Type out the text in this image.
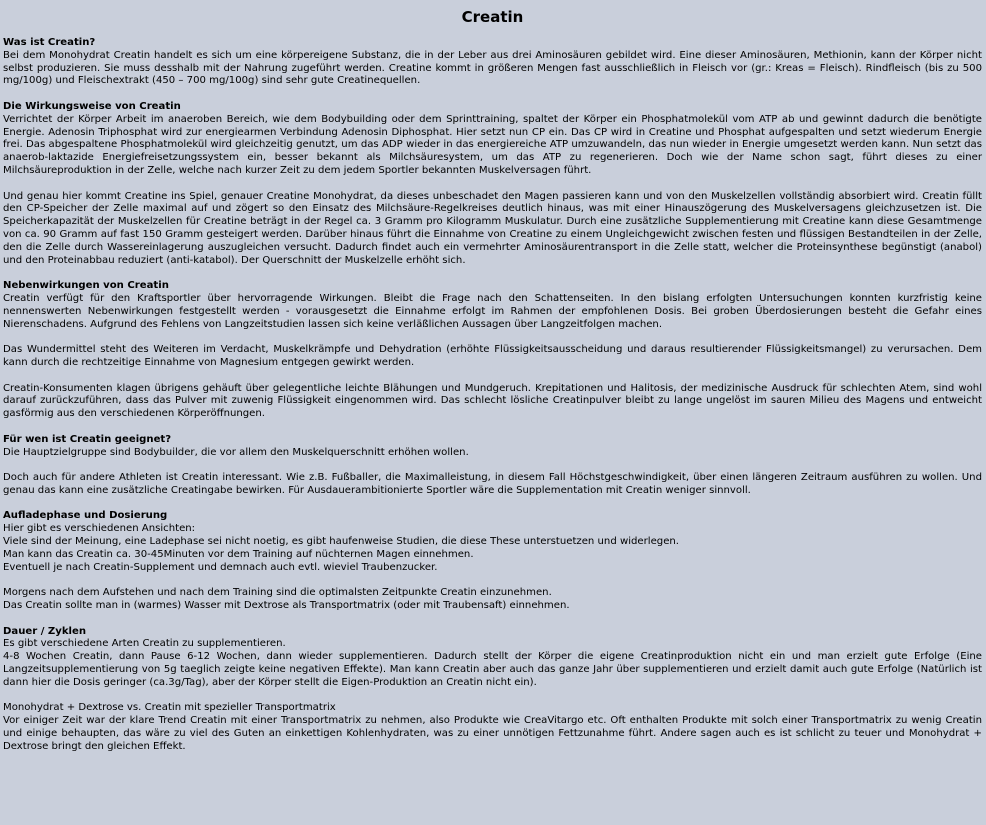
Creatin
Was ist Creatin?
Bei dem Monohydrat Creatin handelt es sich um eine körpereigene Substanz, die in der Leber aus drei Aminosäuren gebildet wird. Eine dieser Aminosäuren, Methionin, kann der Körper nicht selbst produzieren. Sie muss desshalb mit der Nahrung zugeführt werden. Creatine kommt in größeren Mengen fast ausschließlich in Fleisch vor (gr.: Kreas = Fleisch). Rindfleisch (bis zu 500 mg/100g) und Fleischextrakt (450 – 700 mg/100g) sind sehr gute Creatinequellen.
Die Wirkungsweise von Creatin
Verrichtet der Körper Arbeit im anaeroben Bereich, wie dem Bodybuilding oder dem Sprinttraining, spaltet der Körper ein Phosphatmolekül vom ATP ab und gewinnt dadurch die benötigte Energie. Adenosin Triphosphat wird zur energiearmen Verbindung Adenosin Diphosphat. Hier setzt nun CP ein. Das CP wird in Creatine und Phosphat aufgespalten und setzt wiederum Energie frei. Das abgespaltene Phosphatmolekül wird gleichzeitig genutzt, um das ADP wieder in das energiereiche ATP umzuwandeln, das nun wieder in Energie umgesetzt werden kann. Nun setzt das anaerob-laktazide Energiefreisetzungssystem ein, besser bekannt als Milchsäuresystem, um das ATP zu regenerieren. Doch wie der Name schon sagt, führt dieses zu einer Milchsäureproduktion in der Zelle, welche nach kurzer Zeit zu dem jedem Sportler bekannten Muskelversagen führt.
Und genau hier kommt Creatine ins Spiel, genauer Creatine Monohydrat, da dieses unbeschadet den Magen passieren kann und von den Muskelzellen vollständig absorbiert wird. Creatin füllt den CP-Speicher der Zelle maximal auf und zögert so den Einsatz des Milchsäure-Regelkreises deutlich hinaus, was mit einer Hinauszögerung des Muskelversagens gleichzusetzen ist. Die Speicherkapazität der Muskelzellen für Creatine beträgt in der Regel ca. 3 Gramm pro Kilogramm Muskulatur. Durch eine zusätzliche Supplementierung mit Creatine kann diese Gesamtmenge von ca. 90 Gramm auf fast 150 Gramm gesteigert werden. Darüber hinaus führt die Einnahme von Creatine zu einem Ungleichgewicht zwischen festen und flüssigen Bestandteilen in der Zelle, den die Zelle durch Wassereinlagerung auszugleichen versucht. Dadurch findet auch ein vermehrter Aminosäurentransport in die Zelle statt, welcher die Proteinsynthese begünstigt (anabol) und den Proteinabbau reduziert (anti-katabol). Der Querschnitt der Muskelzelle erhöht sich.
Nebenwirkungen von Creatin
Creatin verfügt für den Kraftsportler über hervorragende Wirkungen. Bleibt die Frage nach den Schattenseiten. In den bislang erfolgten Untersuchungen konnten kurzfristig keine nennenswerten Nebenwirkungen festgestellt werden - vorausgesetzt die Einnahme erfolgt im Rahmen der empfohlenen Dosis. Bei groben Überdosierungen besteht die Gefahr eines Nierenschadens. Aufgrund des Fehlens von Langzeitstudien lassen sich keine verläßlichen Aussagen über Langzeitfolgen machen.
Das Wundermittel steht des Weiteren im Verdacht, Muskelkrämpfe und Dehydration (erhöhte Flüssigkeitsausscheidung und daraus resultierender Flüssigkeitsmangel) zu verursachen. Dem kann durch die rechtzeitige Einnahme von Magnesium entgegen gewirkt werden.
Creatin-Konsumenten klagen übrigens gehäuft über gelegentliche leichte Blähungen und Mundgeruch. Krepitationen und Halitosis, der medizinische Ausdruck für schlechten Atem, sind wohl darauf zurückzuführen, dass das Pulver mit zuwenig Flüssigkeit eingenommen wird. Das schlecht lösliche Creatinpulver bleibt zu lange ungelöst im sauren Milieu des Magens und entweicht gasförmig aus den verschiedenen Körperöffnungen.
Für wen ist Creatin geeignet?
Die Hauptzielgruppe sind Bodybuilder, die vor allem den Muskelquerschnitt erhöhen wollen.
Doch auch für andere Athleten ist Creatin interessant. Wie z.B. Fußballer, die Maximalleistung, in diesem Fall Höchstgeschwindigkeit, über einen längeren Zeitraum ausführen zu wollen. Und genau das kann eine zusätzliche Creatingabe bewirken. Für Ausdauerambitionierte Sportler wäre die Supplementation mit Creatin weniger sinnvoll.
Aufladephase und Dosierung
Hier gibt es verschiedenen Ansichten:
Viele sind der Meinung, eine Ladephase sei nicht noetig, es gibt haufenweise Studien, die diese These unterstuetzen und widerlegen.
Man kann das Creatin ca. 30-45Minuten vor dem Training auf nüchternen Magen einnehmen.
Eventuell je nach Creatin-Supplement und demnach auch evtl. wieviel Traubenzucker.
Morgens nach dem Aufstehen und nach dem Training sind die optimalsten Zeitpunkte Creatin einzunehmen.
Das Creatin sollte man in (warmes) Wasser mit Dextrose als Transportmatrix (oder mit Traubensaft) einnehmen.
Dauer / Zyklen
Es gibt verschiedene Arten Creatin zu supplementieren.
4-8 Wochen Creatin, dann Pause 6-12 Wochen, dann wieder supplementieren. Dadurch stellt der Körper die eigene Creatinproduktion nicht ein und man erzielt gute Erfolge (Eine Langzeitsupplementierung von 5g taeglich zeigte keine negativen Effekte). Man kann Creatin aber auch das ganze Jahr über supplementieren und erzielt damit auch gute Erfolge (Natürlich ist dann hier die Dosis geringer (ca.3g/Tag), aber der Körper stellt die Eigen-Produktion an Creatin nicht ein).
Monohydrat + Dextrose vs. Creatin mit spezieller Transportmatrix
Vor einiger Zeit war der klare Trend Creatin mit einer Transportmatrix zu nehmen, also Produkte wie CreaVitargo etc. Oft enthalten Produkte mit solch einer Transportmatrix zu wenig Creatin und einige behaupten, das wäre zu viel des Guten an einkettigen Kohlenhydraten, was zu einer unnötigen Fettzunahme führt. Andere sagen auch es ist schlicht zu teuer und Monohydrat + Dextrose bringt den gleichen Effekt.
